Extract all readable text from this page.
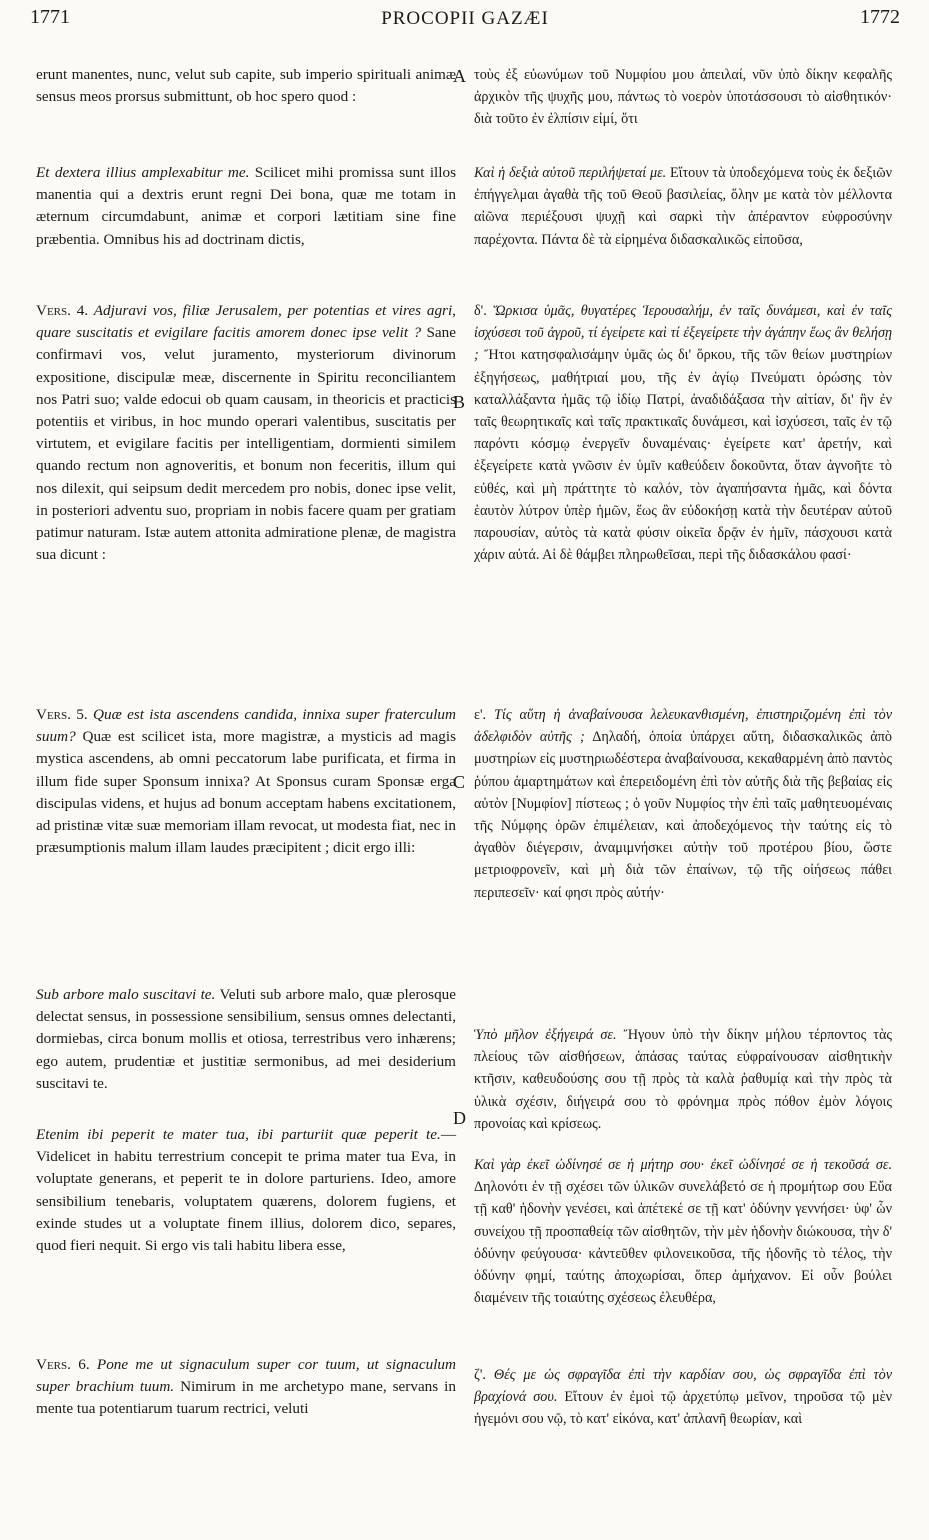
1771	PROCOPII GAZÆI	1772
A
B
C
D

erunt manentes, nunc, velut sub capite, sub imperio spirituali animæ sensus meos prorsus submittunt, ob hoc spero quod :

Et dextera illius amplexabitur me. Scilicet mihi promissa sunt illos manentia qui a dextris erunt regni Dei bona, quæ me totam in æternum circumdabunt, animæ et corpori lætitiam sine fine præbentia. Omnibus his ad doctrinam dictis,

Vers. 4. Adjuravi vos, filiæ Jerusalem, per potentias et vires agri, quare suscitatis et evigilare facitis amorem donec ipse velit ? Sane confirmavi vos, velut juramento, mysteriorum divinorum expositione, discipulæ meæ, discernente in Spiritu reconciliantem nos Patri suo; valde edocui ob quam causam, in theoricis et practicis potentiis et viribus, in hoc mundo operari valentibus, suscitatis per virtutem, et evigilare facitis per intelligentiam, dormienti similem quando rectum non agnoveritis, et bonum non feceritis, illum qui nos dilexit, qui seipsum dedit mercedem pro nobis, donec ipse velit, in posteriori adventu suo, propriam in nobis facere quam per gratiam patimur naturam. Istæ autem attonita admiratione plenæ, de magistra sua dicunt :

Vers. 5. Quæ est ista ascendens candida, innixa super fraterculum suum? Quæ est scilicet ista, more magistræ, a mysticis ad magis mystica ascendens, ab omni peccatorum labe purificata, et firma in illum fide super Sponsum innixa? At Sponsus curam Sponsæ erga discipulas videns, et hujus ad bonum acceptam habens excitationem, ad pristinæ vitæ suæ memoriam illam revocat, ut modesta fiat, nec in præsumptionis malum illam laudes præcipitent ; dicit ergo illi:

Sub arbore malo suscitavi te. Veluti sub arbore malo, quæ plerosque delectat sensus, in possessione sensibilium, sensus omnes delectanti, dormiebas, circa bonum mollis et otiosa, terrestribus vero inhærens; ego autem, prudentiæ et justitiæ sermonibus, ad mei desiderium suscitavi te.

Etenim ibi peperit te mater tua, ibi parturiit quæ peperit te.—Videlicet in habitu terrestrium concepit te prima mater tua Eva, in voluptate generans, et peperit te in dolore parturiens. Ideo, amore sensibilium tenebaris, voluptatem quærens, dolorem fugiens, et exinde studes ut a voluptate finem illius, dolorem dico, separes, quod fieri nequit. Si ergo vis tali habitu libera esse,

Vers. 6. Pone me ut signaculum super cor tuum, ut signaculum super brachium tuum. Nimirum in me archetypo mane, servans in mente tua potentiarum tuarum rectrici, veluti

τοὺς ἐξ εὐωνύμων τοῦ Νυμφίου μου ἀπειλαί, νῦν ὑπὸ δίκην κεφαλῆς ἀρχικὸν τῆς ψυχῆς μου, πάντως τὸ νοερὸν ὑποτάσσουσι τὸ αἰσθητικόν· διὰ τοῦτο ἐν ἐλπίσιν εἰμί, ὅτι

Καὶ ἡ δεξιὰ αὐτοῦ περιλήψεταί με. Εἴτουν τὰ ὑποδεχόμενα τοὺς ἐκ δεξιῶν ἐπήγγελμαι ἀγαθὰ τῆς τοῦ Θεοῦ βασιλείας, ὅλην με κατὰ τὸν μέλλοντα αἰῶνα περιέξουσι ψυχῇ καὶ σαρκὶ τὴν ἀπέραντον εὐφροσύνην παρέχοντα. Πάντα δὲ τὰ εἰρημένα διδασκαλικῶς εἰποῦσα,

δ'. Ὥρκισα ὑμᾶς, θυγατέρες Ἱερουσαλήμ, ἐν ταῖς δυνάμεσι, καὶ ἐν ταῖς ἰσχύσεσι τοῦ ἀγροῦ, τί ἐγείρετε καὶ τί ἐξεγείρετε τὴν ἀγάπην ἕως ἂν θελήσῃ ; Ἤτοι κατησφαλισάμην ὑμᾶς ὡς δι' ὅρκου, τῆς τῶν θείων μυστηρίων ἐξηγήσεως, μαθήτριαί μου, τῆς ἐν ἁγίῳ Πνεύματι ὁρώσης τὸν καταλλάξαντα ἡμᾶς τῷ ἰδίῳ Πατρί, ἀναδιδάξασα τὴν αἰτίαν, δι' ἣν ἐν ταῖς θεωρητικαῖς καὶ ταῖς πρακτικαῖς δυνάμεσι, καὶ ἰσχύσεσι, ταῖς ἐν τῷ παρόντι κόσμῳ ἐνεργεῖν δυναμέναις· ἐγείρετε κατ' ἀρετήν, καὶ ἐξεγείρετε κατὰ γνῶσιν ἐν ὑμῖν καθεύδειν δοκοῦντα, ὅταν ἀγνοῆτε τὸ εὐθές, καὶ μὴ πράττητε τὸ καλόν, τὸν ἀγαπήσαντα ἡμᾶς, καὶ δόντα ἑαυτὸν λύτρον ὑπὲρ ἡμῶν, ἕως ἂν εὐδοκήσῃ κατὰ τὴν δευτέραν αὐτοῦ παρουσίαν, αὐτὸς τὰ κατὰ φύσιν οἰκεῖα δρᾷν ἐν ἡμῖν, πάσχουσι κατὰ χάριν αὐτά. Αἱ δὲ θάμβει πληρωθεῖσαι, περὶ τῆς διδασκάλου φασί·

ε'. Τίς αὕτη ἡ ἀναβαίνουσα λελευκανθισμένη, ἐπιστηριζομένη ἐπὶ τὸν ἀδελφιδὸν αὐτῆς ; Δηλαδή, ὁποία ὑπάρχει αὕτη, διδασκαλικῶς ἀπὸ μυστηρίων εἰς μυστηριωδέστερα ἀναβαίνουσα, κεκαθαρμένη ἀπὸ παντὸς ῥύπου ἁμαρτημάτων καὶ ἐπερειδομένη ἐπὶ τὸν αὐτῆς διὰ τῆς βεβαίας εἰς αὐτὸν [Νυμφίον] πίστεως ; ὁ γοῦν Νυμφίος τὴν ἐπὶ ταῖς μαθητευομέναις τῆς Νύμφης ὁρῶν ἐπιμέλειαν, καὶ ἀποδεχόμενος τὴν ταύτης εἰς τὸ ἀγαθὸν διέγερσιν, ἀναμιμνήσκει αὐτὴν τοῦ προτέρου βίου, ὥστε μετριοφρονεῖν, καὶ μὴ διὰ τῶν ἐπαίνων, τῷ τῆς οἰήσεως πάθει περιπεσεῖν· καί φησι πρὸς αὐτήν·

Ὑπὸ μῆλον ἐξήγειρά σε. Ἤγουν ὑπὸ τὴν δίκην μήλου τέρποντος τὰς πλείους τῶν αἰσθήσεων, ἁπάσας ταύτας εὐφραίνουσαν αἰσθητικὴν κτῆσιν, καθευδούσης σου τῇ πρὸς τὰ καλὰ ῥαθυμίᾳ καὶ τὴν πρὸς τὰ ὑλικὰ σχέσιν, διήγειρά σου τὸ φρόνημα πρὸς πόθον ἐμὸν λόγοις προνοίας καὶ κρίσεως.

Καὶ γὰρ ἐκεῖ ὠδίνησέ σε ἡ μήτηρ σου· ἐκεῖ ὠδίνησέ σε ἡ τεκοῦσά σε. Δηλονότι ἐν τῇ σχέσει τῶν ὑλικῶν συνελάβετό σε ἡ προμήτωρ σου Εὔα τῇ καθ' ἡδονὴν γενέσει, καὶ ἀπέτεκέ σε τῇ κατ' ὀδύνην γεννήσει· ὑφ' ὧν συνείχου τῇ προσπαθείᾳ τῶν αἰσθητῶν, τὴν μὲν ἡδονὴν διώκουσα, τὴν δ' ὀδύνην φεύγουσα· κἀντεῦθεν φιλονεικοῦσα, τῆς ἡδονῆς τὸ τέλος, τὴν ὀδύνην φημί, ταύτης ἀποχωρίσαι, ὅπερ ἀμήχανον. Εἰ οὖν βούλει διαμένειν τῆς τοιαύτης σχέσεως ἐλευθέρα,

ζ'. Θές με ὡς σφραγῖδα ἐπὶ τὴν καρδίαν σου, ὡς σφραγῖδα ἐπὶ τὸν βραχίονά σου. Εἴτουν ἐν ἐμοὶ τῷ ἀρχετύπῳ μεῖνον, τηροῦσα τῷ μὲν ἡγεμόνι σου νῷ, τὸ κατ' εἰκόνα, κατ' ἀπλανῆ θεωρίαν, καὶ
